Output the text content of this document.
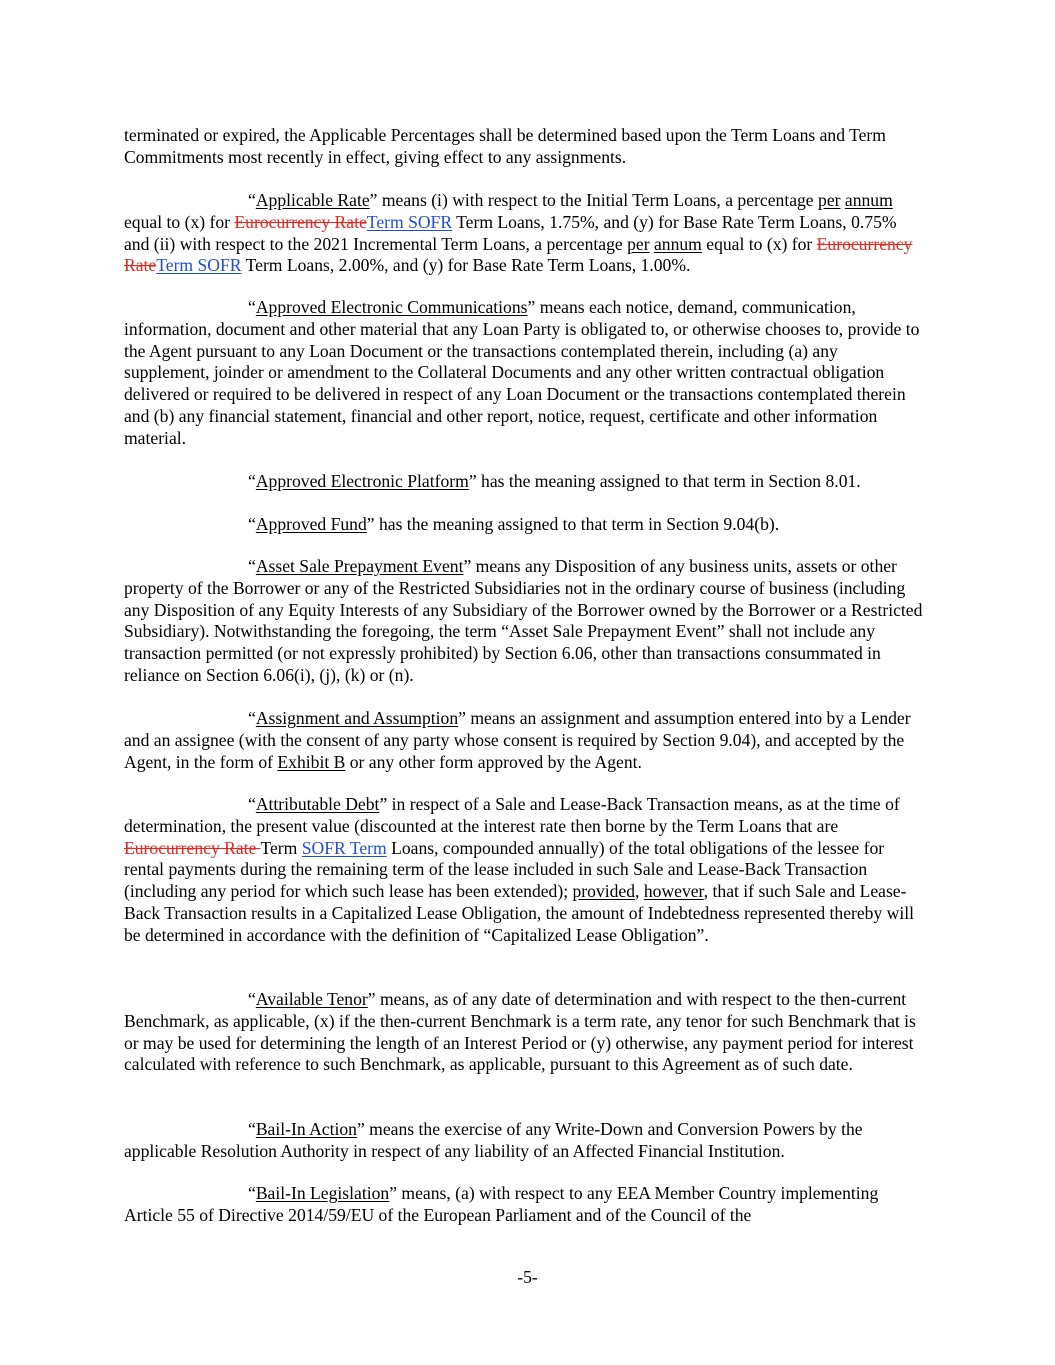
terminated or expired, the Applicable Percentages shall be determined based upon the Term Loans and Term Commitments most recently in effect, giving effect to any assignments.

“Applicable Rate” means (i) with respect to the Initial Term Loans, a percentage per annum equal to (x) for Eurocurrency RateTerm SOFR Term Loans, 1.75%, and (y) for Base Rate Term Loans, 0.75% and (ii) with respect to the 2021 Incremental Term Loans, a percentage per annum equal to (x) for Eurocurrency RateTerm SOFR Term Loans, 2.00%, and (y) for Base Rate Term Loans, 1.00%.

“Approved Electronic Communications” means each notice, demand, communication, information, document and other material that any Loan Party is obligated to, or otherwise chooses to, provide to the Agent pursuant to any Loan Document or the transactions contemplated therein, including (a) any supplement, joinder or amendment to the Collateral Documents and any other written contractual obligation delivered or required to be delivered in respect of any Loan Document or the transactions contemplated therein and (b) any financial statement, financial and other report, notice, request, certificate and other information material.

“Approved Electronic Platform” has the meaning assigned to that term in Section 8.01.

“Approved Fund” has the meaning assigned to that term in Section 9.04(b).

“Asset Sale Prepayment Event” means any Disposition of any business units, assets or other property of the Borrower or any of the Restricted Subsidiaries not in the ordinary course of business (including any Disposition of any Equity Interests of any Subsidiary of the Borrower owned by the Borrower or a Restricted Subsidiary). Notwithstanding the foregoing, the term “Asset Sale Prepayment Event” shall not include any transaction permitted (or not expressly prohibited) by Section 6.06, other than transactions consummated in reliance on Section 6.06(i), (j), (k) or (n).

“Assignment and Assumption” means an assignment and assumption entered into by a Lender and an assignee (with the consent of any party whose consent is required by Section 9.04), and accepted by the Agent, in the form of Exhibit B or any other form approved by the Agent.

“Attributable Debt” in respect of a Sale and Lease-Back Transaction means, as at the time of determination, the present value (discounted at the interest rate then borne by the Term Loans that are Eurocurrency Rate Term SOFR Term Loans, compounded annually) of the total obligations of the lessee for rental payments during the remaining term of the lease included in such Sale and Lease-Back Transaction (including any period for which such lease has been extended); provided, however, that if such Sale and Lease-Back Transaction results in a Capitalized Lease Obligation, the amount of Indebtedness represented thereby will be determined in accordance with the definition of “Capitalized Lease Obligation”.

“Available Tenor” means, as of any date of determination and with respect to the then-current Benchmark, as applicable, (x) if the then-current Benchmark is a term rate, any tenor for such Benchmark that is or may be used for determining the length of an Interest Period or (y) otherwise, any payment period for interest calculated with reference to such Benchmark, as applicable, pursuant to this Agreement as of such date.

“Bail-In Action” means the exercise of any Write-Down and Conversion Powers by the applicable Resolution Authority in respect of any liability of an Affected Financial Institution.

“Bail-In Legislation” means, (a) with respect to any EEA Member Country implementing Article 55 of Directive 2014/59/EU of the European Parliament and of the Council of the

-5-
